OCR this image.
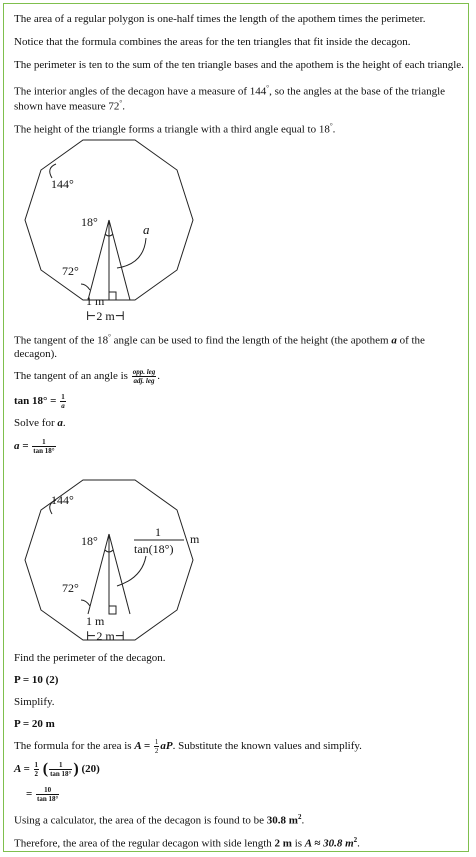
The area of a regular polygon is one-half times the length of the apothem times the perimeter.
Notice that the formula combines the areas for the ten triangles that fit inside the decagon.
The perimeter is ten to the sum of the ten triangle bases and the apothem is the height of each triangle.
The interior angles of the decagon have a measure of 144°, so the angles at the base of the triangle
shown have measure 72°.
The height of the triangle forms a triangle with a third angle equal to 18°.
144°
18°	a
72°
1 m
⊢2 m⊣
The tangent of the 18° angle can be used to find the length of the height (the apothem a of the
decagon).
The tangent of an angle is $\frac{\text{opp. leg}}{\text{adj. leg}}$ .
$\tan 18^\circ = \frac{1}{a}$
Solve for a.
$a = \frac{1}{\tan 18^\circ}$
144°
18°
1
tan(18°)
m
72°
1 m
⊢2 m⊣
Find the perimeter of the decagon.
P = 10 (2)
Simplify.
P = 20 m
The formula for the area is $A = \frac{1}{2}$ aP. Substitute the known values and simplify.
$A = \frac{1}{2}$ ( $\frac{1}{\tan 18^\circ}$ ) (20)
= $\frac{10}{\tan 18^\circ}$
Using a calculator, the area of the decagon is found to be 30.8 $m^2$.
Therefore, the area of the regular decagon with side length 2 m is A ≈ 30.8 $m^2$.
